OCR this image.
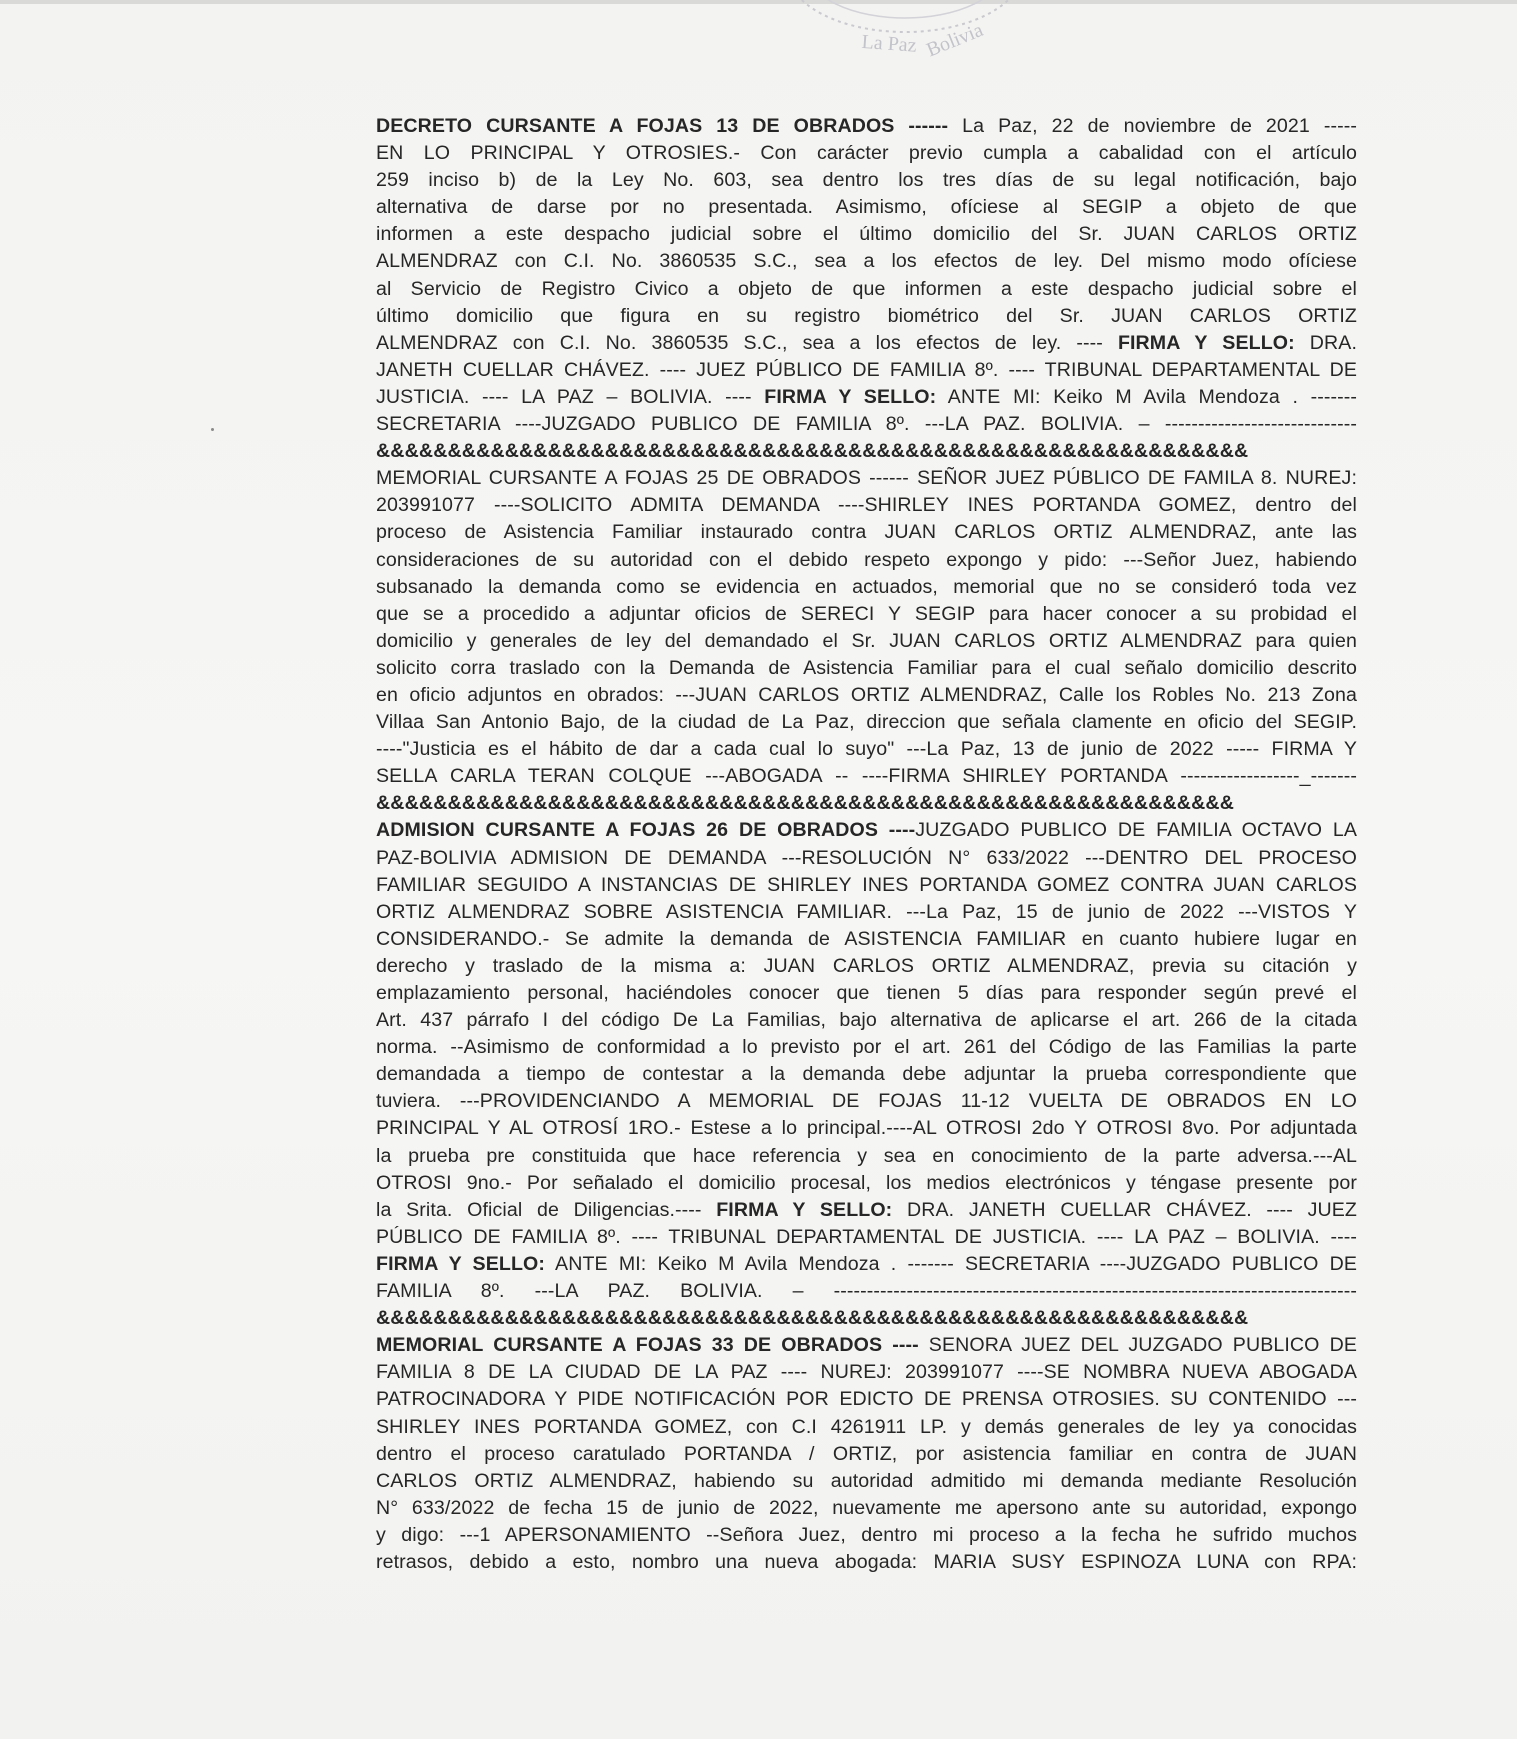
La Paz Bolivia
DECRETO CURSANTE A FOJAS 13 DE OBRADOS ------ La Paz, 22 de noviembre de 2021 -----
EN LO PRINCIPAL Y OTROSIES.- Con carácter previo cumpla a cabalidad con el artículo
259 inciso b) de la Ley No. 603, sea dentro los tres días de su legal notificación, bajo
alternativa de darse por no presentada. Asimismo, ofíciese al SEGIP a objeto de que
informen a este despacho judicial sobre el último domicilio del Sr. JUAN CARLOS ORTIZ
ALMENDRAZ con C.I. No. 3860535 S.C., sea a los efectos de ley. Del mismo modo ofíciese
al Servicio de Registro Civico a objeto de que informen a este despacho judicial sobre el
último domicilio que figura en su registro biométrico del Sr. JUAN CARLOS ORTIZ
ALMENDRAZ con C.I. No. 3860535 S.C., sea a los efectos de ley. ---- FIRMA Y SELLO: DRA.
JANETH CUELLAR CHÁVEZ. ---- JUEZ PÚBLICO DE FAMILIA 8º. ---- TRIBUNAL DEPARTAMENTAL DE
JUSTICIA. ---- LA PAZ – BOLIVIA. ---- FIRMA Y SELLO: ANTE MI: Keiko M Avila Mendoza . -------
SECRETARIA ----JUZGADO PUBLICO DE FAMILIA 8º. ---LA PAZ. BOLIVIA. – -----------------------------
&&&&&&&&&&&&&&&&&&&&&&&&&&&&&&&&&&&&&&&&&&&&&&&&&&&&&&&&&&&&&
MEMORIAL CURSANTE A FOJAS 25 DE OBRADOS ------ SEÑOR JUEZ PÚBLICO DE FAMILA 8. NUREJ:
203991077 ----SOLICITO ADMITA DEMANDA ----SHIRLEY INES PORTANDA GOMEZ, dentro del
proceso de Asistencia Familiar instaurado contra JUAN CARLOS ORTIZ ALMENDRAZ, ante las
consideraciones de su autoridad con el debido respeto expongo y pido: ---Señor Juez, habiendo
subsanado la demanda como se evidencia en actuados, memorial que no se consideró toda vez
que se a procedido a adjuntar oficios de SERECI Y SEGIP para hacer conocer a su probidad el
domicilio y generales de ley del demandado el Sr. JUAN CARLOS ORTIZ ALMENDRAZ para quien
solicito corra traslado con la Demanda de Asistencia Familiar para el cual señalo domicilio descrito
en oficio adjuntos en obrados: ---JUAN CARLOS ORTIZ ALMENDRAZ, Calle los Robles No. 213 Zona
Villaa San Antonio Bajo, de la ciudad de La Paz, direccion que señala clamente en oficio del SEGIP.
----"Justicia es el hábito de dar a cada cual lo suyo" ---La Paz, 13 de junio de 2022 ----- FIRMA Y
SELLA CARLA TERAN COLQUE ---ABOGADA -- ----FIRMA SHIRLEY PORTANDA ------------------_-------
&&&&&&&&&&&&&&&&&&&&&&&&&&&&&&&&&&&&&&&&&&&&&&&&&&&&&&&&&&&&
ADMISION CURSANTE A FOJAS 26 DE OBRADOS ----JUZGADO PUBLICO DE FAMILIA OCTAVO LA
PAZ-BOLIVIA ADMISION DE DEMANDA ---RESOLUCIÓN N° 633/2022 ---DENTRO DEL PROCESO
FAMILIAR SEGUIDO A INSTANCIAS DE SHIRLEY INES PORTANDA GOMEZ CONTRA JUAN CARLOS
ORTIZ ALMENDRAZ SOBRE ASISTENCIA FAMILIAR. ---La Paz, 15 de junio de 2022 ---VISTOS Y
CONSIDERANDO.- Se admite la demanda de ASISTENCIA FAMILIAR en cuanto hubiere lugar en
derecho y traslado de la misma a: JUAN CARLOS ORTIZ ALMENDRAZ, previa su citación y
emplazamiento personal, haciéndoles conocer que tienen 5 días para responder según prevé el
Art. 437 párrafo I del código De La Familias, bajo alternativa de aplicarse el art. 266 de la citada
norma. --Asimismo de conformidad a lo previsto por el art. 261 del Código de las Familias la parte
demandada a tiempo de contestar a la demanda debe adjuntar la prueba correspondiente que
tuviera. ---PROVIDENCIANDO A MEMORIAL DE FOJAS 11-12 VUELTA DE OBRADOS EN LO
PRINCIPAL Y AL OTROSÍ 1RO.- Estese a lo principal.----AL OTROSI 2do Y OTROSI 8vo. Por adjuntada
la prueba pre constituida que hace referencia y sea en conocimiento de la parte adversa.---AL
OTROSI 9no.- Por señalado el domicilio procesal, los medios electrónicos y téngase presente por
la Srita. Oficial de Diligencias.---- FIRMA Y SELLO: DRA. JANETH CUELLAR CHÁVEZ. ---- JUEZ
PÚBLICO DE FAMILIA 8º. ---- TRIBUNAL DEPARTAMENTAL DE JUSTICIA. ---- LA PAZ – BOLIVIA. ----
FIRMA Y SELLO: ANTE MI: Keiko M Avila Mendoza . ------- SECRETARIA ----JUZGADO PUBLICO DE
FAMILIA 8º. ---LA PAZ. BOLIVIA. – -------------------------------------------------------------------------------
&&&&&&&&&&&&&&&&&&&&&&&&&&&&&&&&&&&&&&&&&&&&&&&&&&&&&&&&&&&&&
MEMORIAL CURSANTE A FOJAS 33 DE OBRADOS ---- SENORA JUEZ DEL JUZGADO PUBLICO DE
FAMILIA 8 DE LA CIUDAD DE LA PAZ ---- NUREJ: 203991077 ----SE NOMBRA NUEVA ABOGADA
PATROCINADORA Y PIDE NOTIFICACIÓN POR EDICTO DE PRENSA OTROSIES. SU CONTENIDO ---
SHIRLEY INES PORTANDA GOMEZ, con C.I 4261911 LP. y demás generales de ley ya conocidas
dentro el proceso caratulado PORTANDA / ORTIZ, por asistencia familiar en contra de JUAN
CARLOS ORTIZ ALMENDRAZ, habiendo su autoridad admitido mi demanda mediante Resolución
N° 633/2022 de fecha 15 de junio de 2022, nuevamente me apersono ante su autoridad, expongo
y digo: ---1 APERSONAMIENTO --Señora Juez, dentro mi proceso a la fecha he sufrido muchos
retrasos, debido a esto, nombro una nueva abogada: MARIA SUSY ESPINOZA LUNA con RPA:
